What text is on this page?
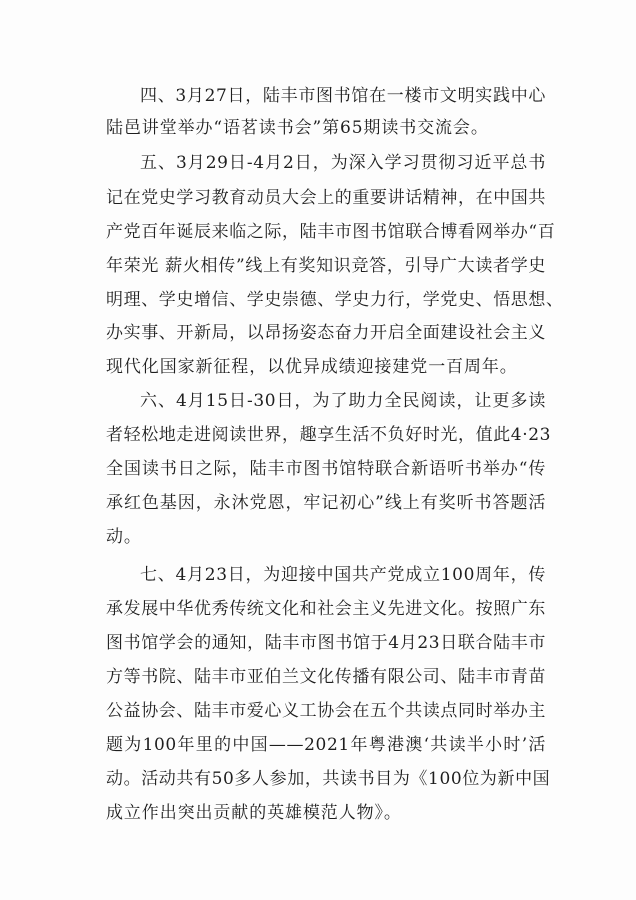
四、3月27日，陆丰市图书馆在一楼市文明实践中心
陆邑讲堂举办“语茗读书会”第65期读书交流会。
五、3月29日-4月2日，为深入学习贯彻习近平总书
记在党史学习教育动员大会上的重要讲话精神，在中国共
产党百年诞辰来临之际，陆丰市图书馆联合博看网举办“百
年荣光 薪火相传”线上有奖知识竞答，引导广大读者学史
明理、学史增信、学史崇德、学史力行，学党史、悟思想、
办实事、开新局，以昂扬姿态奋力开启全面建设社会主义
现代化国家新征程，以优异成绩迎接建党一百周年。
六、4月15日-30日，为了助力全民阅读，让更多读
者轻松地走进阅读世界，趣享生活不负好时光，值此4·23
全国读书日之际，陆丰市图书馆特联合新语听书举办“传
承红色基因，永沐党恩，牢记初心”线上有奖听书答题活
动。
七、4月23日，为迎接中国共产党成立100周年，传
承发展中华优秀传统文化和社会主义先进文化。按照广东
图书馆学会的通知，陆丰市图书馆于4月23日联合陆丰市
方等书院、陆丰市亚伯兰文化传播有限公司、陆丰市青苗
公益协会、陆丰市爱心义工协会在五个共读点同时举办主
题为100年里的中国——2021年粤港澳‘共读半小时’活
动。活动共有50多人参加，共读书目为《100位为新中国
成立作出突出贡献的英雄模范人物》。
